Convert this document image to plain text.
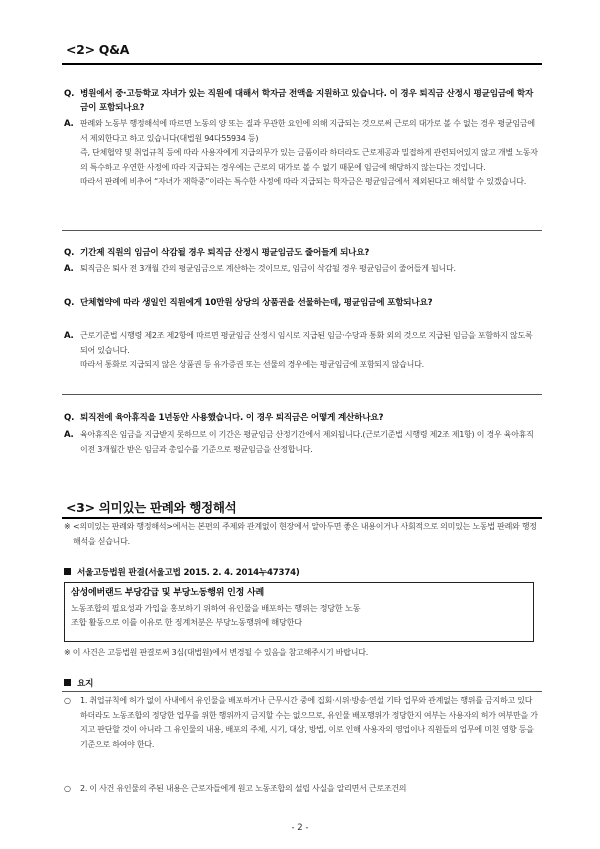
<2> Q&A
Q. 병원에서 중·고등학교 자녀가 있는 직원에 대해서 학자금 전액을 지원하고 있습니다. 이 경우 퇴직금 산정시 평균임금에 학자금이 포함되나요?
A. 판례와 노동부 행정해석에 따르면 노동의 양 또는 질과 무관한 요인에 의해 지급되는 것으로써 근로의 대가로 볼 수 없는 경우 평균임금에서 제외한다고 하고 있습니다(대법원 94다55934 등)

즉, 단체협약 및 취업규칙 등에 따라 사용자에게 지급의무가 있는 금품이라 하더라도 근로제공과 밀접하게 관련되어있지 않고 개별 노동자의 특수하고 우연한 사정에 따라 지급되는 경우에는 근로의 대가로 볼 수 없기 때문에 임금에 해당하지 않는다는 것입니다.

따라서 판례에 비추어 “자녀가 재학중”이라는 특수한 사정에 따라 지급되는 학자금은 평균임금에서 제외된다고 해석할 수 있겠습니다.

Q. 기간제 직원의 임금이 삭감될 경우 퇴직금 산정시 평균임금도 줄어들게 되나요?
A. 퇴직금은 퇴사 전 3개월 간의 평균임금으로 계산하는 것이므로, 임금이 삭감될 경우 평균임금이 줄어들게 됩니다.

Q. 단체협약에 따라 생일인 직원에게 10만원 상당의 상품권을 선물하는데, 평균임금에 포함되나요?
A. 근로기준법 시행령 제2조 제2항에 따르면 평균임금 산정시 임시로 지급된 임금·수당과 통화 외의 것으로 지급된 임금을 포함하지 않도록 되어 있습니다.

따라서 통화로 지급되지 않은 상품권 등 유가증권 또는 선물의 경우에는 평균임금에 포함되지 않습니다.

Q. 퇴직전에 육아휴직을 1년동안 사용했습니다. 이 경우 퇴직금은 어떻게 계산하나요?
A. 육아휴직은 임금을 지급받지 못하므로 이 기간은 평균임금 산정기간에서 제외됩니다.(근로기준법 시행령 제2조 제1항) 이 경우 육아휴직 이전 3개월간 받은 임금과 총일수를 기준으로 평균임금을 산정합니다.

<3> 의미있는 판례와 행정해석
※ <의미있는 판례와 행정해석>에서는 본편의 주제와 관계없이 현장에서 알아두면 좋은 내용이거나 사회적으로 의미있는 노동법 판례와 행정해석을 싣습니다.
서울고등법원 판결(서울고법 2015. 2. 4. 2014누47374)
삼성에버랜드 부당감급 및 부당노동행위 인정 사례
노동조합의 필요성과 가입을 홍보하기 위하여 유인물을 배포하는 행위는 정당한 노동
조합 활동으로 이를 이유로 한 징계처분은 부당노동행위에 해당한다
※ 이 사건은 고등법원 판결로써 3심(대법원)에서 변경될 수 있음을 참고해주시기 바랍니다.
요지
○ 1. 취업규칙에 허가 없이 사내에서 유인물을 배포하거나 근무시간 중에 집회·시위·방송·연설 기타 업무와 관계없는 행위를 금지하고 있다 하더라도 노동조합의 정당한 업무를 위한 행위까지 금지할 수는 없으므로, 유인물 배포행위가 정당한지 여부는 사용자의 허가 여부만을 가지고 판단할 것이 아니라 그 유인물의 내용, 배포의 주체, 시기, 대상, 방법, 이로 인해 사용자의 영업이나 직원들의 업무에 미친 영향 등을 기준으로 하여야 한다.
○ 2. 이 사건 유인물의 주된 내용은 근로자들에게 원고 노동조합의 설립 사실을 알리면서 근로조건의
- 2 -
